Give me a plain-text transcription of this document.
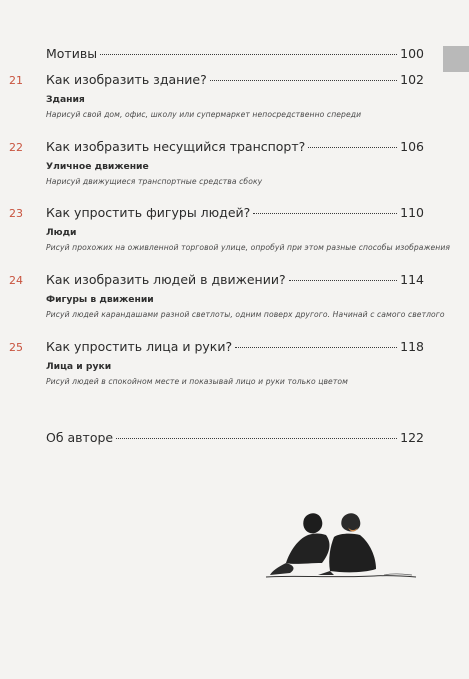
Мотивы	100
21 Как изобразить здание?	102
Здания
Нарисуй свой дом, офис, школу или супермаркет непосредственно спереди
22 Как изобразить несущийся транспорт?	106
Уличное движение
Нарисуй движущиеся транспортные средства сбоку
23 Как упростить фигуры людей?	110
Люди
Рисуй прохожих на оживленной торговой улице, опробуй при этом разные способы изображения
24 Как изобразить людей в движении?	114
Фигуры в движении
Рисуй людей карандашами разной светлоты, одним поверх другого. Начинай с самого светлого
25 Как упростить лица и руки?	118
Лица и руки
Рисуй людей в спокойном месте и показывай лицо и руки только цветом
Об авторе	122
